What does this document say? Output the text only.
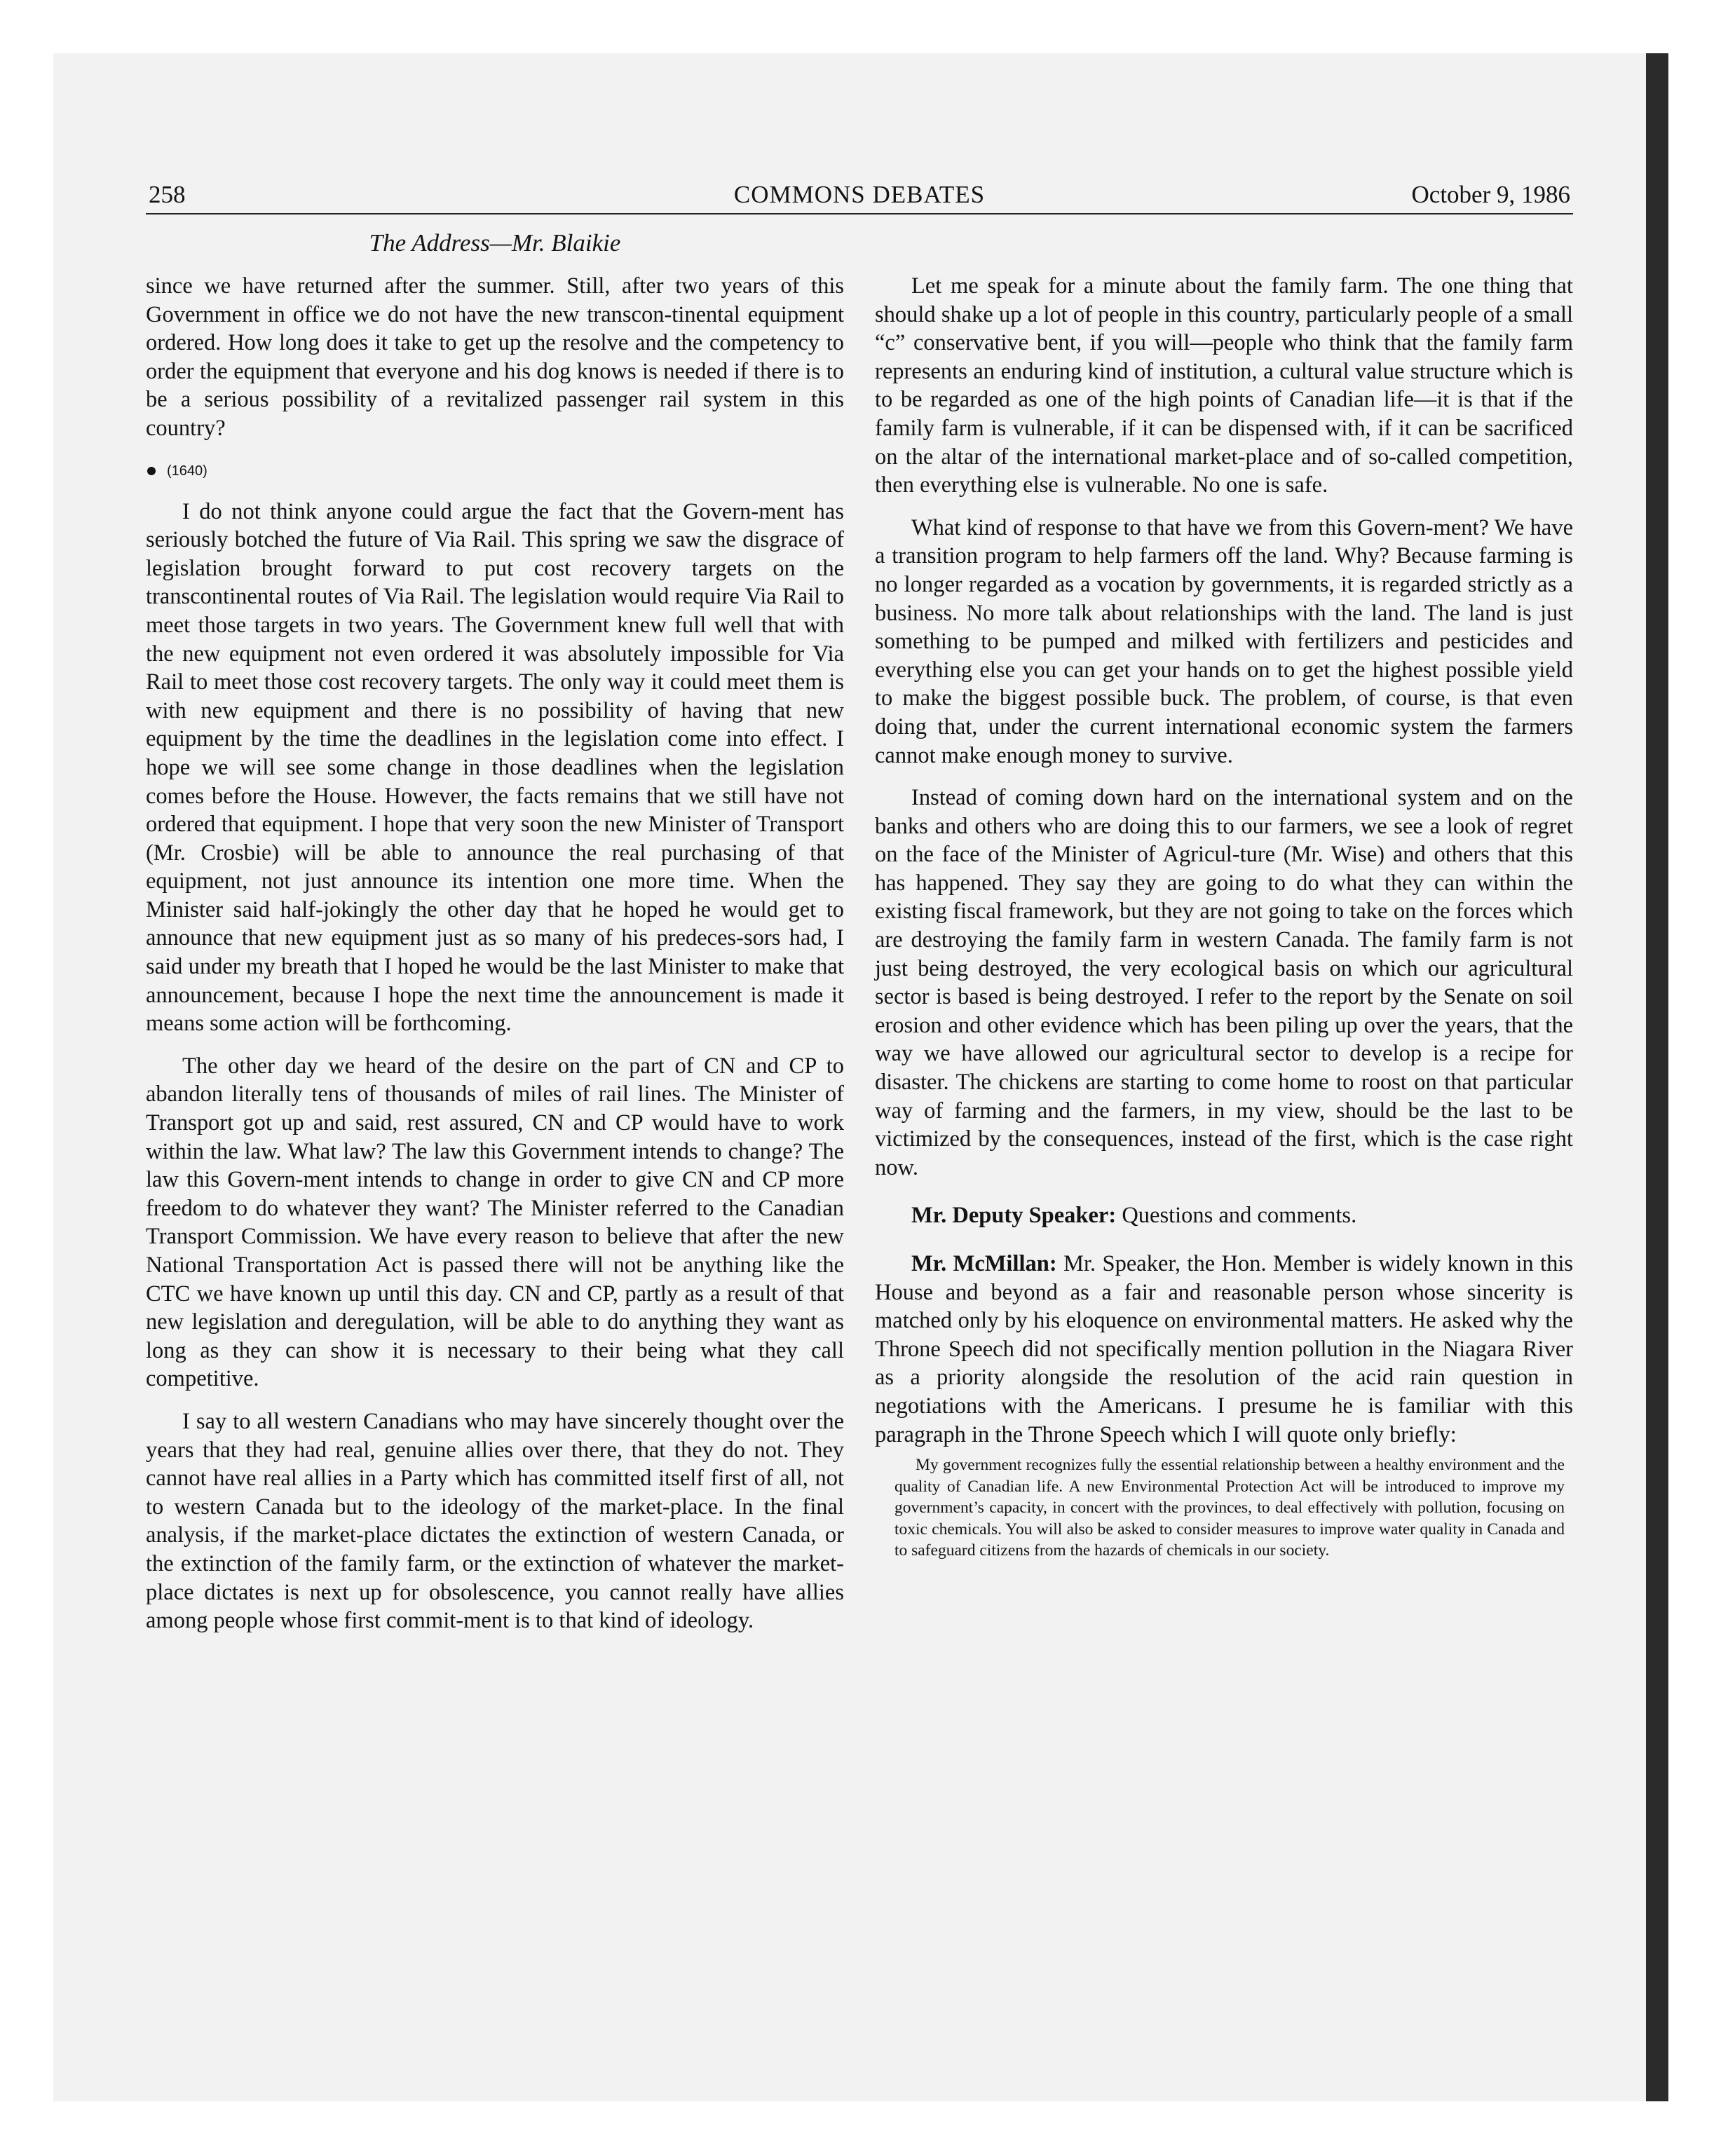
258	COMMONS DEBATES	October 9, 1986
The Address—Mr. Blaikie

since we have returned after the summer. Still, after two years of this Government in office we do not have the new transcon-tinental equipment ordered. How long does it take to get up the resolve and the competency to order the equipment that everyone and his dog knows is needed if there is to be a serious possibility of a revitalized passenger rail system in this country?

(1640)

I do not think anyone could argue the fact that the Govern-ment has seriously botched the future of Via Rail. This spring we saw the disgrace of legislation brought forward to put cost recovery targets on the transcontinental routes of Via Rail. The legislation would require Via Rail to meet those targets in two years. The Government knew full well that with the new equipment not even ordered it was absolutely impossible for Via Rail to meet those cost recovery targets. The only way it could meet them is with new equipment and there is no possibility of having that new equipment by the time the deadlines in the legislation come into effect. I hope we will see some change in those deadlines when the legislation comes before the House. However, the facts remains that we still have not ordered that equipment. I hope that very soon the new Minister of Transport (Mr. Crosbie) will be able to announce the real purchasing of that equipment, not just announce its intention one more time. When the Minister said half-jokingly the other day that he hoped he would get to announce that new equipment just as so many of his predeces-sors had, I said under my breath that I hoped he would be the last Minister to make that announcement, because I hope the next time the announcement is made it means some action will be forthcoming.

The other day we heard of the desire on the part of CN and CP to abandon literally tens of thousands of miles of rail lines. The Minister of Transport got up and said, rest assured, CN and CP would have to work within the law. What law? The law this Government intends to change? The law this Govern-ment intends to change in order to give CN and CP more freedom to do whatever they want? The Minister referred to the Canadian Transport Commission. We have every reason to believe that after the new National Transportation Act is passed there will not be anything like the CTC we have known up until this day. CN and CP, partly as a result of that new legislation and deregulation, will be able to do anything they want as long as they can show it is necessary to their being what they call competitive.

I say to all western Canadians who may have sincerely thought over the years that they had real, genuine allies over there, that they do not. They cannot have real allies in a Party which has committed itself first of all, not to western Canada but to the ideology of the market-place. In the final analysis, if the market-place dictates the extinction of western Canada, or the extinction of the family farm, or the extinction of whatever the market-place dictates is next up for obsolescence, you cannot really have allies among people whose first commit-ment is to that kind of ideology.

Let me speak for a minute about the family farm. The one thing that should shake up a lot of people in this country, particularly people of a small “c” conservative bent, if you will—people who think that the family farm represents an enduring kind of institution, a cultural value structure which is to be regarded as one of the high points of Canadian life—it is that if the family farm is vulnerable, if it can be dispensed with, if it can be sacrificed on the altar of the international market-place and of so-called competition, then everything else is vulnerable. No one is safe.

What kind of response to that have we from this Govern-ment? We have a transition program to help farmers off the land. Why? Because farming is no longer regarded as a vocation by governments, it is regarded strictly as a business. No more talk about relationships with the land. The land is just something to be pumped and milked with fertilizers and pesticides and everything else you can get your hands on to get the highest possible yield to make the biggest possible buck. The problem, of course, is that even doing that, under the current international economic system the farmers cannot make enough money to survive.

Instead of coming down hard on the international system and on the banks and others who are doing this to our farmers, we see a look of regret on the face of the Minister of Agricul-ture (Mr. Wise) and others that this has happened. They say they are going to do what they can within the existing fiscal framework, but they are not going to take on the forces which are destroying the family farm in western Canada. The family farm is not just being destroyed, the very ecological basis on which our agricultural sector is based is being destroyed. I refer to the report by the Senate on soil erosion and other evidence which has been piling up over the years, that the way we have allowed our agricultural sector to develop is a recipe for disaster. The chickens are starting to come home to roost on that particular way of farming and the farmers, in my view, should be the last to be victimized by the consequences, instead of the first, which is the case right now.

Mr. Deputy Speaker: Questions and comments.

Mr. McMillan: Mr. Speaker, the Hon. Member is widely known in this House and beyond as a fair and reasonable person whose sincerity is matched only by his eloquence on environmental matters. He asked why the Throne Speech did not specifically mention pollution in the Niagara River as a priority alongside the resolution of the acid rain question in negotiations with the Americans. I presume he is familiar with this paragraph in the Throne Speech which I will quote only briefly:

My government recognizes fully the essential relationship between a healthy environment and the quality of Canadian life. A new Environmental Protection Act will be introduced to improve my government’s capacity, in concert with the provinces, to deal effectively with pollution, focusing on toxic chemicals. You will also be asked to consider measures to improve water quality in Canada and to safeguard citizens from the hazards of chemicals in our society.
